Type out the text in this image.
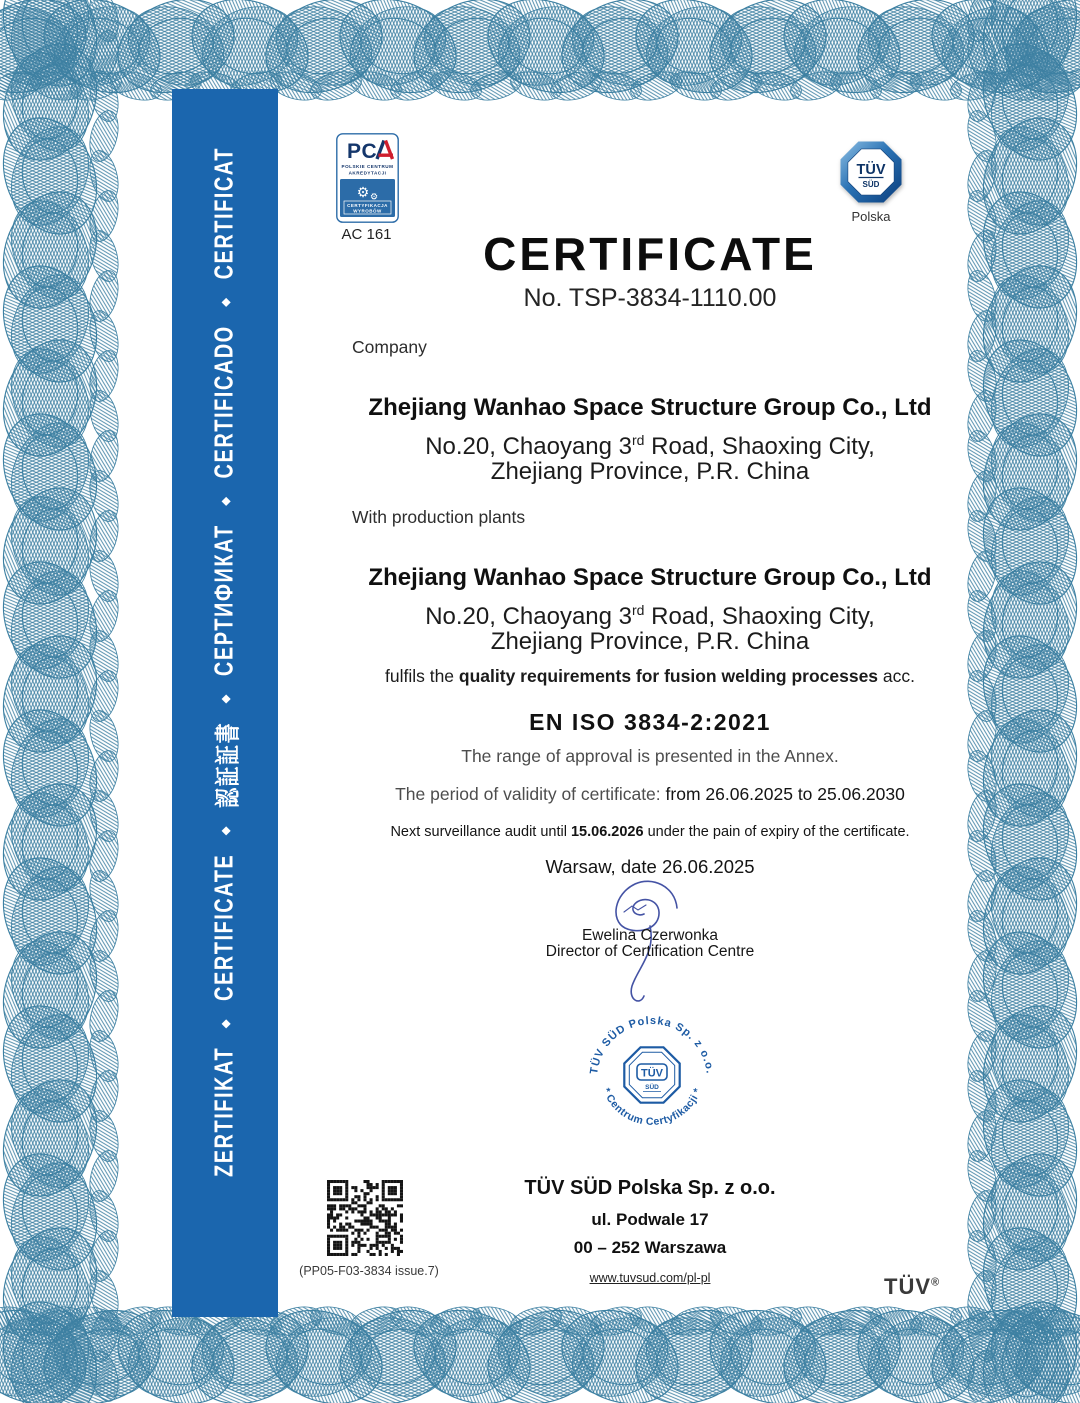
ZERTIFIKAT
◆
CERTIFICATE
◆
認証証書
◆
СЕРТИФИКАТ
◆
CERTIFICADO
◆
CERTIFICAT	PC
POLSKIE CENTRUM
AKREDYTACJI
⚙ ⚙
CERTYFIKACJA
WYROBÓW
AC 161
TÜV
SÜD
Polska
CERTIFICATE
No. TSP-3834-1110.00
Company
Zhejiang Wanhao Space Structure Group Co., Ltd
No.20, Chaoyang 3rd Road, Shaoxing City,
Zhejiang Province, P.R. China
With production plants
Zhejiang Wanhao Space Structure Group Co., Ltd
No.20, Chaoyang 3rd Road, Shaoxing City,
Zhejiang Province, P.R. China
fulfils the quality requirements for fusion welding processes acc.
EN ISO 3834-2:2021
The range of approval is presented in the Annex.
The period of validity of certificate: from 26.06.2025 to 25.06.2030
Next surveillance audit until 15.06.2026 under the pain of expiry of the certificate.
Warsaw, date 26.06.2025
Ewelina Czerwonka
Director of Certification Centre
TÜV SÜD Polska Sp. z o.o.
* Centrum Certyfikacji *
TÜV
SÜD
(PP05-F03-3834 issue.7)
TÜV SÜD Polska Sp. z o.o.
ul. Podwale 17
00 – 252 Warszawa
www.tuvsud.com/pl-pl	TÜV®
